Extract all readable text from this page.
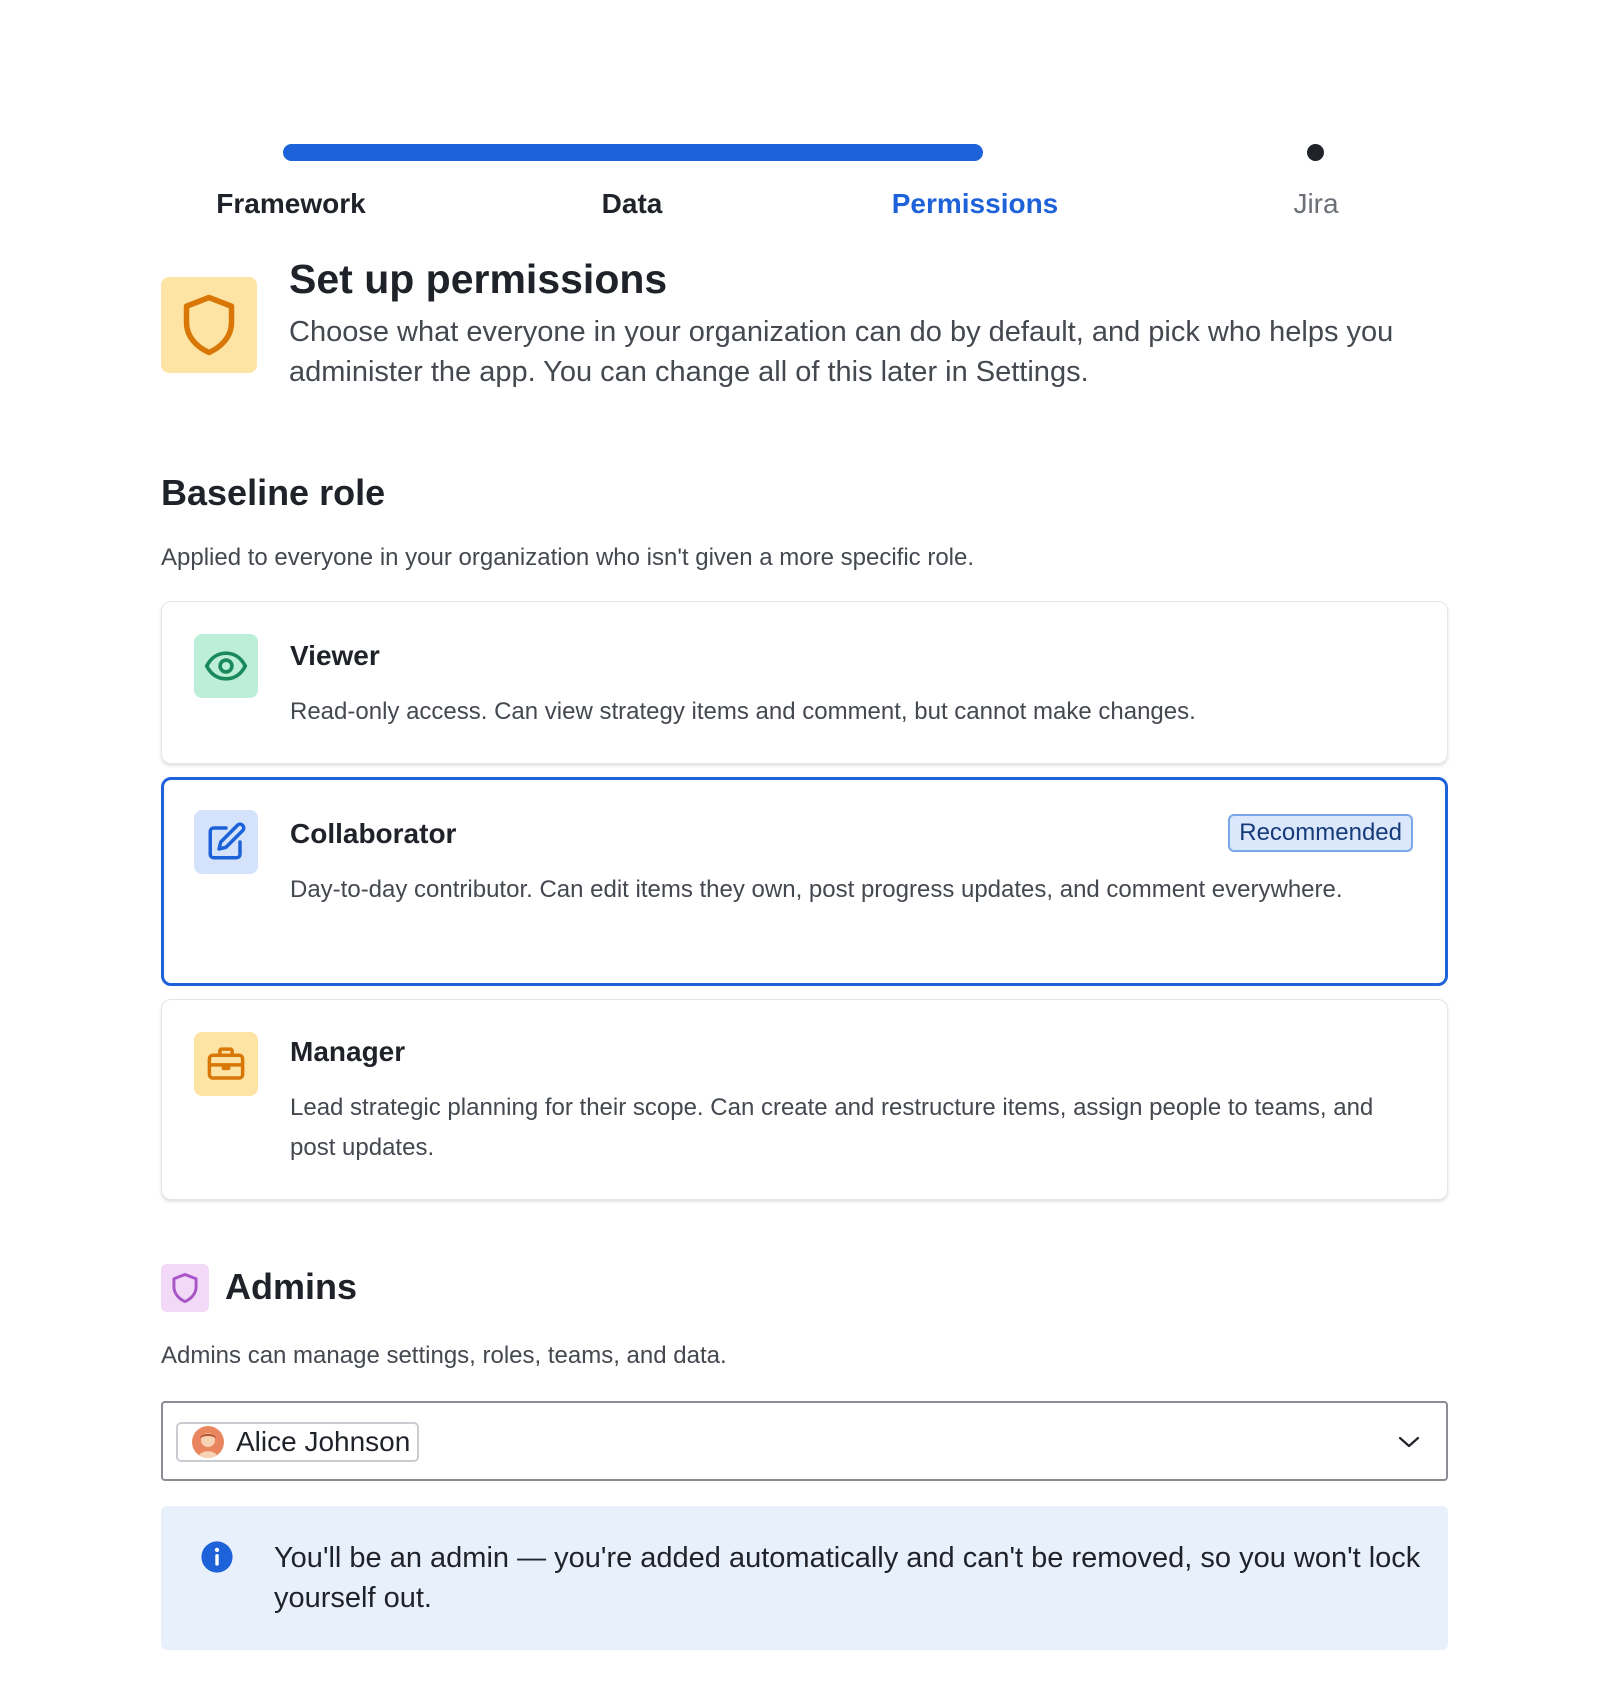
Framework	Data	Permissions	Jira
Set up permissions
Choose what everyone in your organization can do by default, and pick who helps you administer the app. You can change all of this later in Settings.
Baseline role
Applied to everyone in your organization who isn't given a more specific role.
Viewer
Read-only access. Can view strategy items and comment, but cannot make changes.
Collaborator	Recommended
Day-to-day contributor. Can edit items they own, post progress updates, and comment everywhere.
Manager
Lead strategic planning for their scope. Can create and restructure items, assign people to teams, and post updates.
Admins
Admins can manage settings, roles, teams, and data.
Alice Johnson
You'll be an admin — you're added automatically and can't be removed, so you won't lock yourself out.
